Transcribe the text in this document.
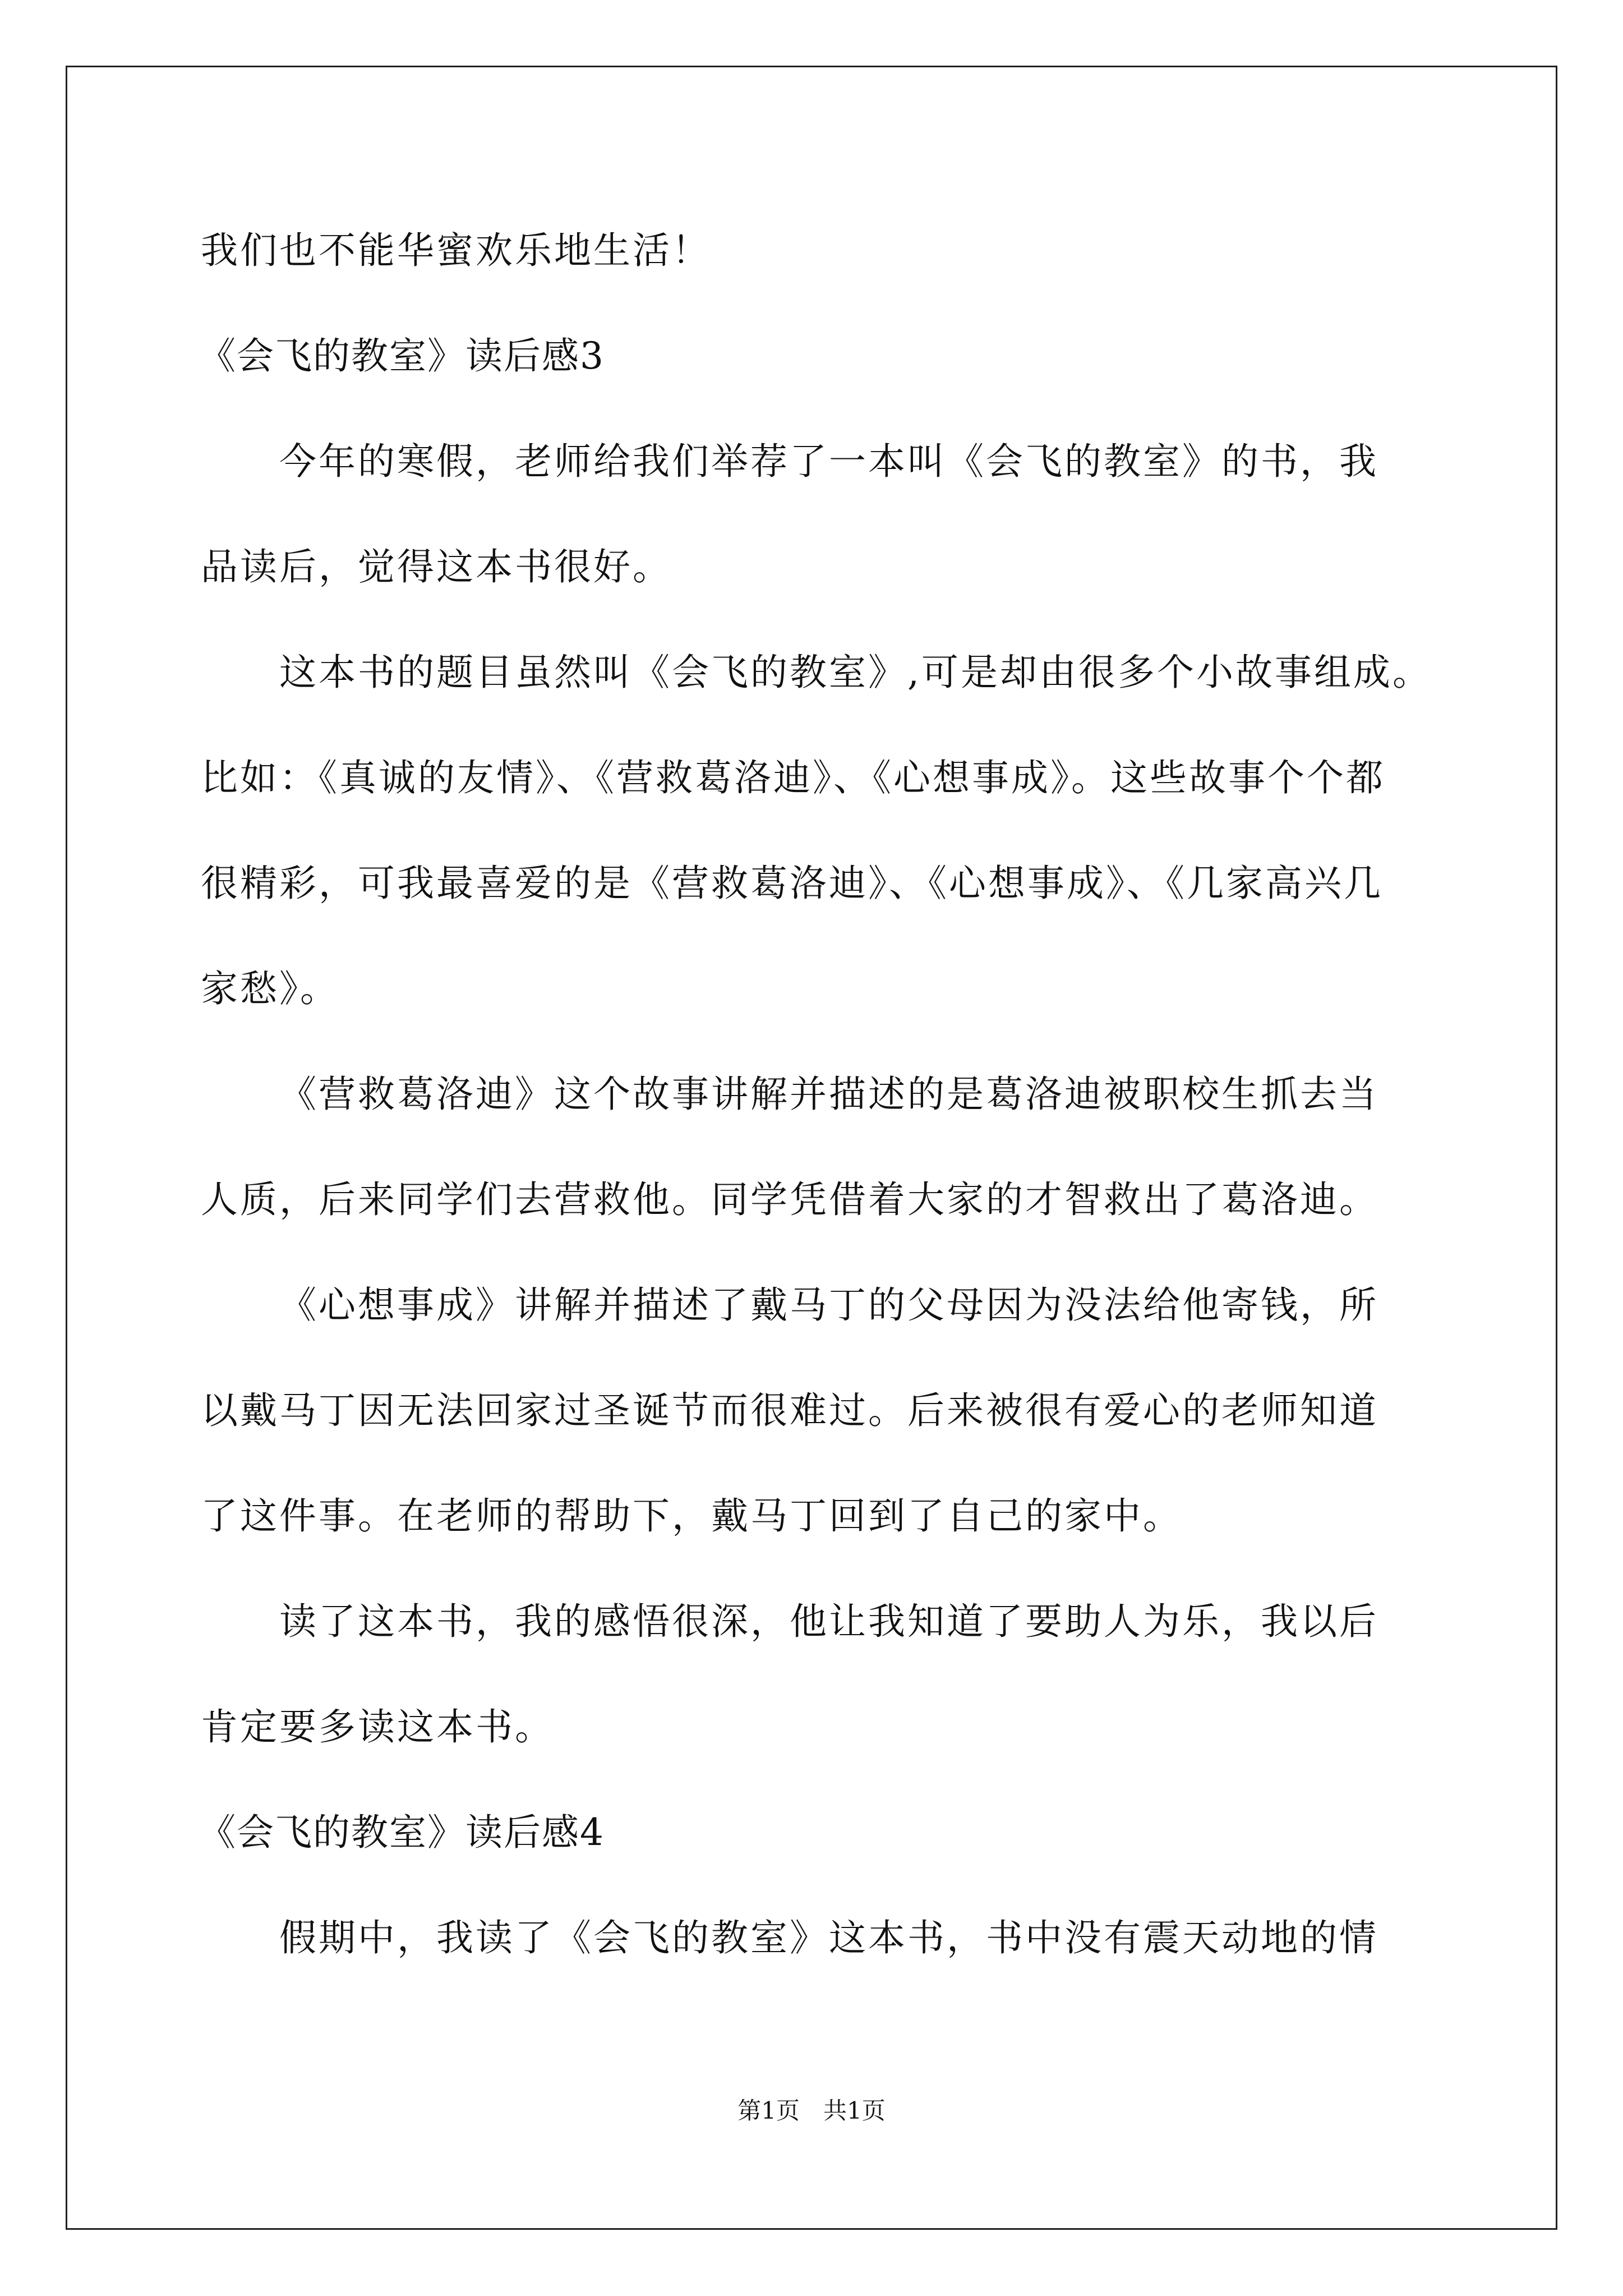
我们也不能华蜜欢乐地生活！
《会飞的教室》读后感3
今年的寒假，老师给我们举荐了一本叫《会飞的教室》的书，我
品读后，觉得这本书很好。
这本书的题目虽然叫《会飞的教室》,可是却由很多个小故事组成。
比如：《真诚的友情》、《营救葛洛迪》、《心想事成》。这些故事个个都
很精彩，可我最喜爱的是《营救葛洛迪》、《心想事成》、《几家高兴几
家愁》。
《营救葛洛迪》这个故事讲解并描述的是葛洛迪被职校生抓去当
人质，后来同学们去营救他。同学凭借着大家的才智救出了葛洛迪。
《心想事成》讲解并描述了戴马丁的父母因为没法给他寄钱，所
以戴马丁因无法回家过圣诞节而很难过。后来被很有爱心的老师知道
了这件事。在老师的帮助下，戴马丁回到了自己的家中。
读了这本书，我的感悟很深，他让我知道了要助人为乐，我以后
肯定要多读这本书。
《会飞的教室》读后感4
假期中，我读了《会飞的教室》这本书，书中没有震天动地的情
第1页　共1页
